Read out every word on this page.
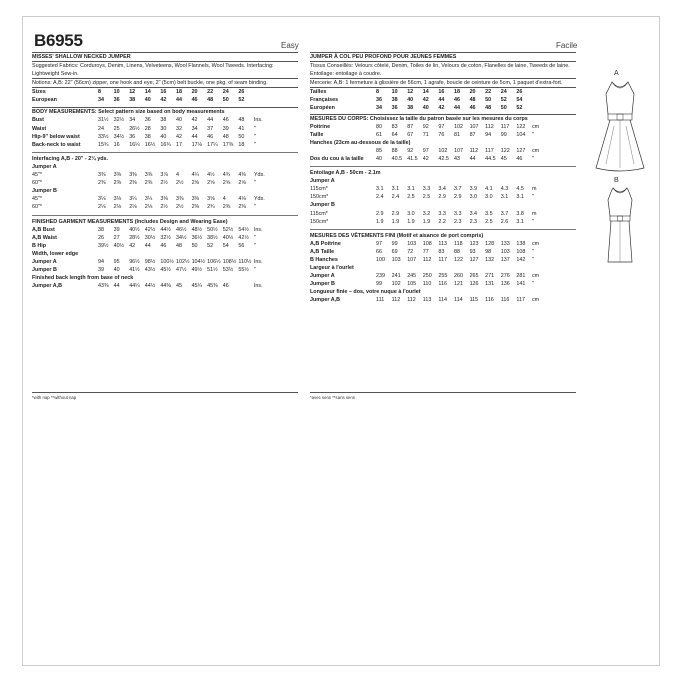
B6955	Easy	Facile
MISSES' SHALLOW NECKED JUMPER
Suggested Fabrics: Corduroys, Denim, Linens, Velveteens, Wool Flannels, Wool Tweeds. Interfacing: Lightweight Sew-in.
Notions: A,B: 22" (56cm) zipper, one hook and eye, 2" (5cm) belt buckle, one pkg. of seam binding.
Sizes	8	10	12	14	16	18	20	22	24	26
European	34	36	38	40	42	44	46	48	50	52
BODY MEASUREMENTS: Select pattern size based on body measurements
Bust	31½ 32½ 34	36	38	40	42	44	46	48	Ins.
Waist	24	25	26½ 28	30	32	34	37	39	41	"
Hip-9" below waist	33½ 34½ 36	38	40	42	44	46	48	50	"
Back-neck to waist	15¾ 16	16¼ 16½ 16¾ 17	17⅛ 17¼ 17⅜ 18	"
Interfacing A,B - 20" - 2¼ yds.
Jumper A
45"*	3⅜	3⅜	3⅜	3⅜	3⅞	4	4¼	4½	4¾	4⅜	Yds.
60"*	2⅜	2⅜	2⅜	2⅜	2½	2½	2⅝	2⅝	2⅝	2⅝	"
Jumper B
45"*	3⅛	3⅛	3¼	3¼	3⅜	3⅜	3⅜	3⅝	4	4⅛	Yds.
60"*	2⅛	2⅛	2⅛	2⅛	2½	2½	2⅜	2¾	2⅜	2⅜	"
FINISHED GARMENT MEASUREMENTS (Includes Design and Wearing Ease)
A,B Bust	38	39	40½ 42½ 44½ 46½ 48½ 50½ 52½ 54½ Ins.
A,B Waist	26	27	28½ 30½ 32½ 34½ 36½ 38½ 40½ 42½ "
B Hip	39½ 40½ 42	44	46	48	50	52	54	56	"
Width, lower edge
Jumper A	94	95	96½ 98½ 100½ 102½ 104½ 106½ 108½ 110½ Ins.
Jumper B	39	40	41½ 43½ 45½ 47½ 49½ 51½ 53½ 55½ "
Finished back length from base of neck
Jumper A,B	43⅜ 44	44¼ 44½ 44⅜ 45	45¼ 45⅜ 46	Ins.
JUMPER À COL PEU PROFOND POUR JEUNES FEMMES
Tissus Conseillés: Velours côtelé, Denim, Toiles de lin, Velours de coton, Flanelles de laine, Tweeds de laine. Entoilage: entoilage à coudre.
Mercerie: A,B: 1 fermeture à glissière de 56cm, 1 agrafe, boucle de ceinture de 5cm, 1 paquet d'extra-fort.
Tailles	8	10	12	14	16	18	20	22	24	26
Françaises	36	38	40	42	44	46	48	50	52	54
Européen	34	36	38	40	42	44	46	48	50	52
MESURES DU CORPS: Choisissez la taille du patron basée sur les mesures du corps
Poitrine	80	83	87	92	97	102	107	112	117	122	cm
Taille	61	64	67	71	76	81	87	94	99	104	"
Hanches (23cm au-dessous de la taille)
85	88	92	97	102	107	112	117	122	127	cm
Dos du cou à la taille	40	40.5 41.5 42	42.5 43	44	44.5 45	46	"
Entoilage A,B - 50cm - 2.1m
Jumper A
115cm*	3.1	3.1	3.1	3.3	3.4	3.7	3.9	4.1	4.3	4.5	m
150cm*	2.4	2.4	2.5	2.5	2.9	2.9	3.0	3.0	3.1	3.1	"
Jumper B
115cm*	2.9	2.9	3.0	3.2	3.3	3.3	3.4	3.5	3.7	3.8	m
150cm*	1.9	1.9	1.9	1.9	2.2	2.3	2.3	2.5	2.6	3.1	"
MESURES DES VÊTEMENTS FINI (Motif et aisance de port compris)
A,B Poitrine	97	99	103	108	113	118	123	128	133	138	cm
A,B Taille	66	69	72	77	83	88	93	98	103	108	"
B Hanches	100	103	107	112	117	122	127	132	137	142	"
Largeur à l'ourlet
Jumper A	239	241	245	250	255	260	265	271	276	281	cm
Jumper B	99	102	105	110	116	121	126	131	136	141	"
Longueur finie – dos, votre nuque à l'ourlet
Jumper A,B	111	112	112	113	114	114	115	116	116	117	cm
*with nap **without nap	*avec sens **sans sens
A
B
